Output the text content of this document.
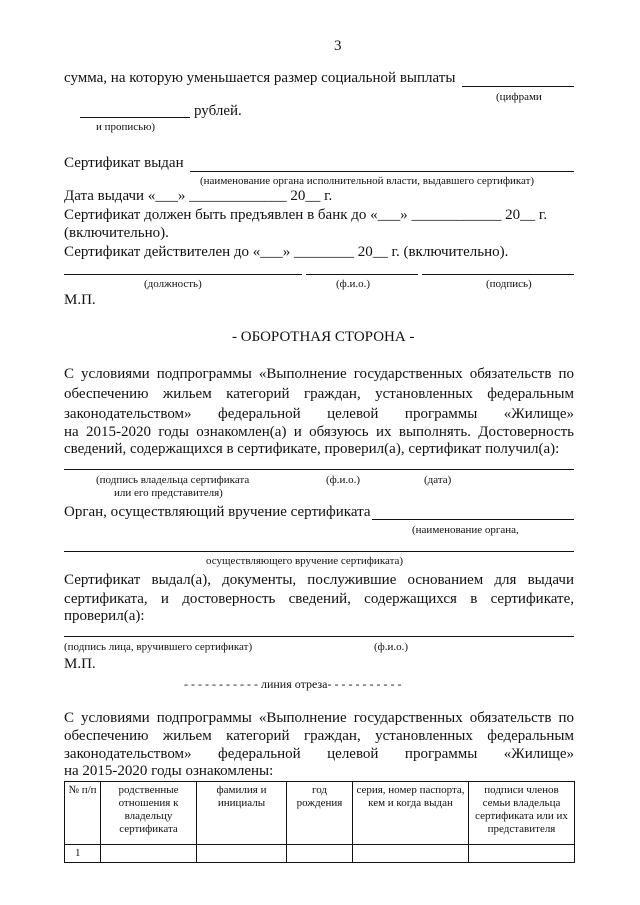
3
сумма, на которую уменьшается размер социальной выплаты
(цифрами
рублей.
и прописью)
Сертификат выдан
(наименование органа исполнительной власти, выдавшего сертификат)
Дата выдачи «___» _____________ 20__ г.
Сертификат должен быть предъявлен в банк до «___» ____________ 20__ г.
(включительно).
Сертификат действителен до «___» ________ 20__ г. (включительно).
(должность)	(ф.и.о.)	(подпись)
М.П.
- ОБОРОТНАЯ СТОРОНА -
С условиями подпрограммы «Выполнение государственных обязательств по
обеспечению жильем категорий граждан, установленных федеральным
законодательством» федеральной целевой программы «Жилище»
на 2015-2020 годы ознакомлен(а) и обязуюсь их выполнять. Достоверность
сведений, содержащихся в сертификате, проверил(а), сертификат получил(а):
(подпись владельца сертификата
или его представителя)
(ф.и.о.)	(дата)
Орган, осуществляющий вручение сертификата
(наименование органа,
осуществляющего вручение сертификата)
Сертификат выдал(а), документы, послужившие основанием для выдачи
сертификата, и достоверность сведений, содержащихся в сертификате,
проверил(а):
(подпись лица, вручившего сертификат)	(ф.и.о.)
М.П.
- - - - - - - - - - - линия отреза- - - - - - - - - - -
С условиями подпрограммы «Выполнение государственных обязательств по
обеспечению жильем категорий граждан, установленных федеральным
законодательством» федеральной целевой программы «Жилище»
на 2015-2020 годы ознакомлены:
№ п/п	родственные отношения к владельцу сертификата	фамилия и инициалы	год рождения	серия, номер паспорта, кем и когда выдан	подписи членов семьи владельца сертификата или их представителя
1					
